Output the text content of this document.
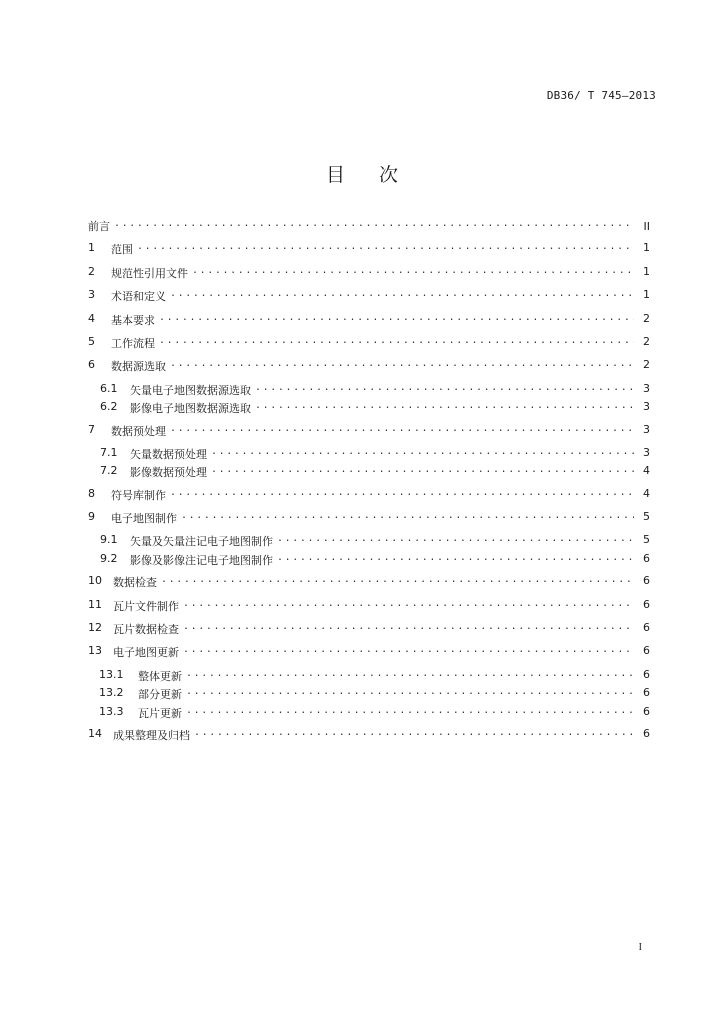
DB36/ T 745—2013
目次
前言 .....	II
1	范围 .....	1
2	规范性引用文件 .....	1
3	术语和定义 .....	1
4	基本要求 .....	2
5	工作流程 .....	2
6	数据源选取 .....	2
6.1	矢量电子地图数据源选取 .....	3
6.2	影像电子地图数据源选取 .....	3
7	数据预处理 .....	3
7.1	矢量数据预处理 .....	3
7.2	影像数据预处理 .....	4
8	符号库制作 .....	4
9	电子地图制作 .....	5
9.1	矢量及矢量注记电子地图制作 .....	5
9.2	影像及影像注记电子地图制作 .....	6
10	数据检查 .....	6
11	瓦片文件制作 .....	6
12	瓦片数据检查 .....	6
13	电子地图更新 .....	6
13.1	整体更新 .....	6
13.2	部分更新 .....	6
13.3	瓦片更新 .....	6
14	成果整理及归档 .....	6
I
